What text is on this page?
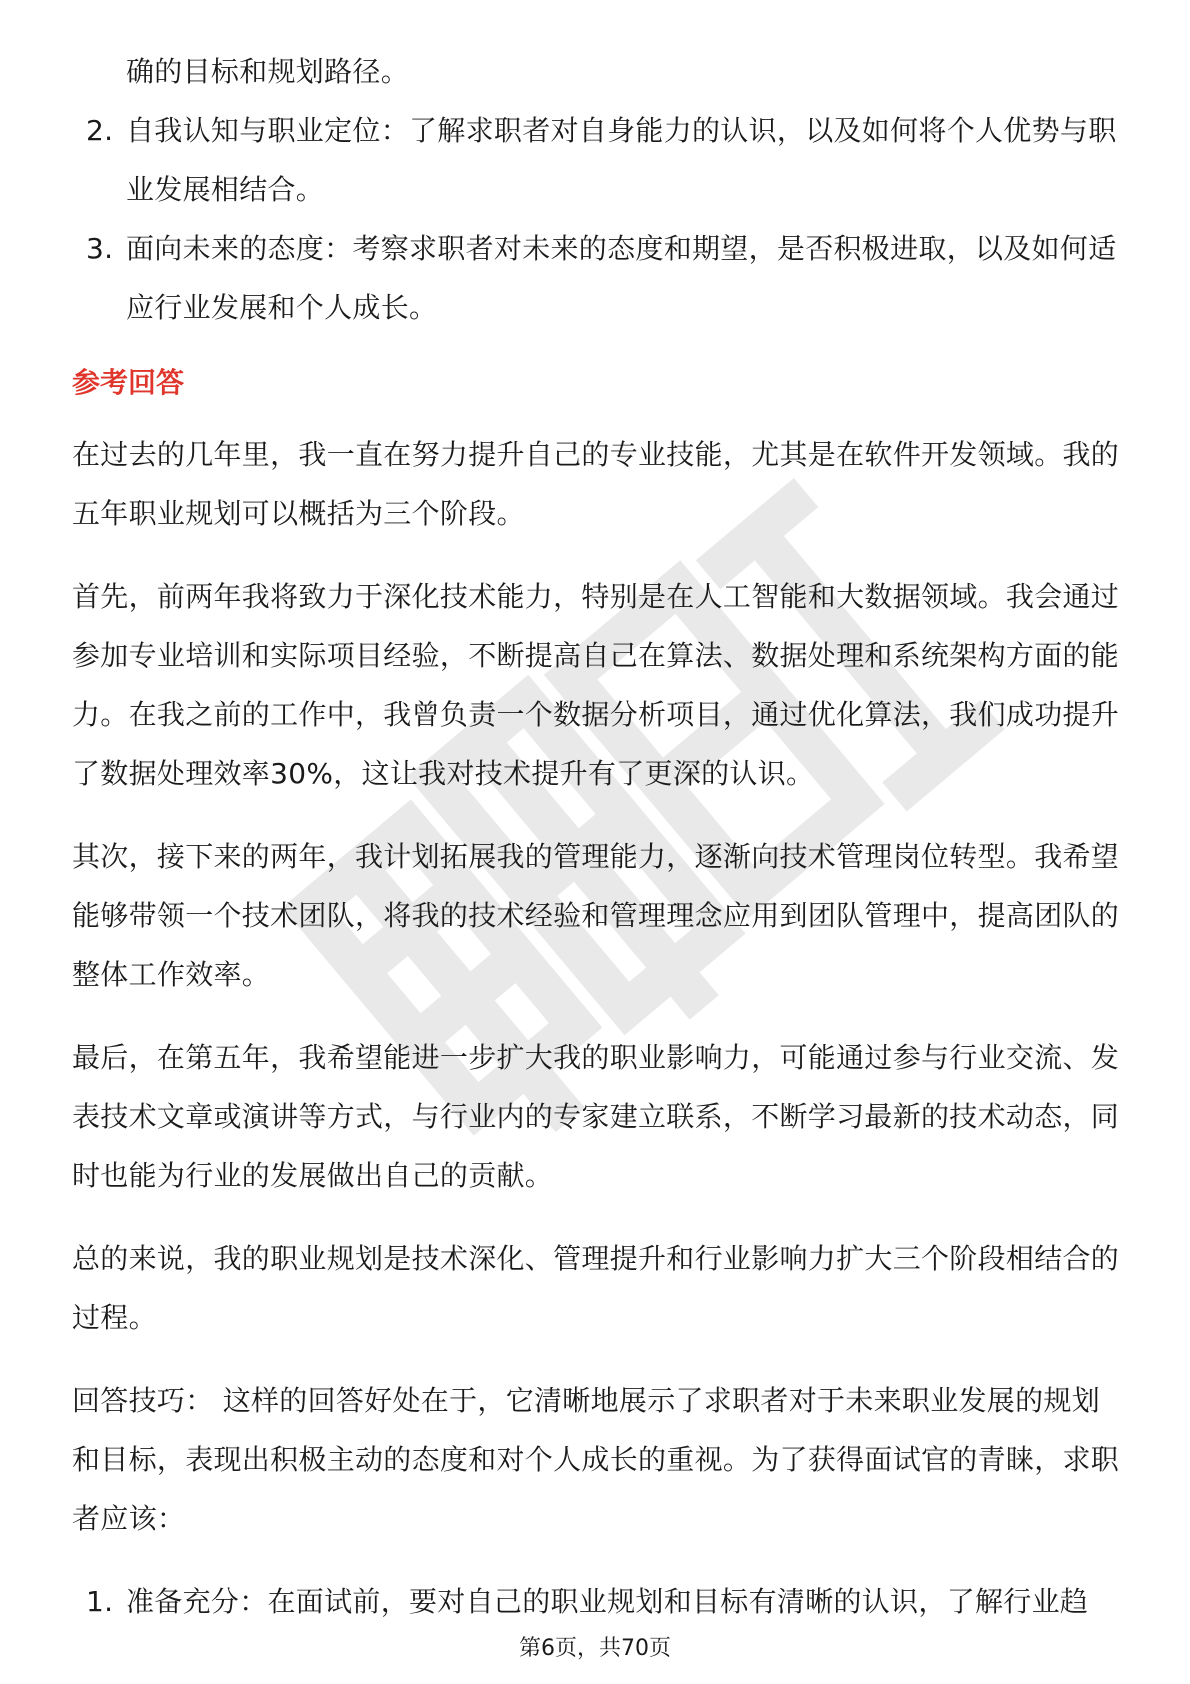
确的目标和规划路径。
2. 自我认知与职业定位：了解求职者对自身能力的认识，以及如何将个人优势与职业发展相结合。
3. 面向未来的态度：考察求职者对未来的态度和期望，是否积极进取，以及如何适应行业发展和个人成长。
参考回答

在过去的几年里，我一直在努力提升自己的专业技能，尤其是在软件开发领域。我的五年职业规划可以概括为三个阶段。

首先，前两年我将致力于深化技术能力，特别是在人工智能和大数据领域。我会通过参加专业培训和实际项目经验，不断提高自己在算法、数据处理和系统架构方面的能力。在我之前的工作中，我曾负责一个数据分析项目，通过优化算法，我们成功提升了数据处理效率30%，这让我对技术提升有了更深的认识。

其次，接下来的两年，我计划拓展我的管理能力，逐渐向技术管理岗位转型。我希望能够带领一个技术团队，将我的技术经验和管理理念应用到团队管理中，提高团队的整体工作效率。

最后，在第五年，我希望能进一步扩大我的职业影响力，可能通过参与行业交流、发表技术文章或演讲等方式，与行业内的专家建立联系，不断学习最新的技术动态，同时也能为行业的发展做出自己的贡献。

总的来说，我的职业规划是技术深化、管理提升和行业影响力扩大三个阶段相结合的过程。

回答技巧： 这样的回答好处在于，它清晰地展示了求职者对于未来职业发展的规划和目标，表现出积极主动的态度和对个人成长的重视。为了获得面试官的青睐，求职者应该：

1. 准备充分：在面试前，要对自己的职业规划和目标有清晰的认识，了解行业趋
第6页，共70页
